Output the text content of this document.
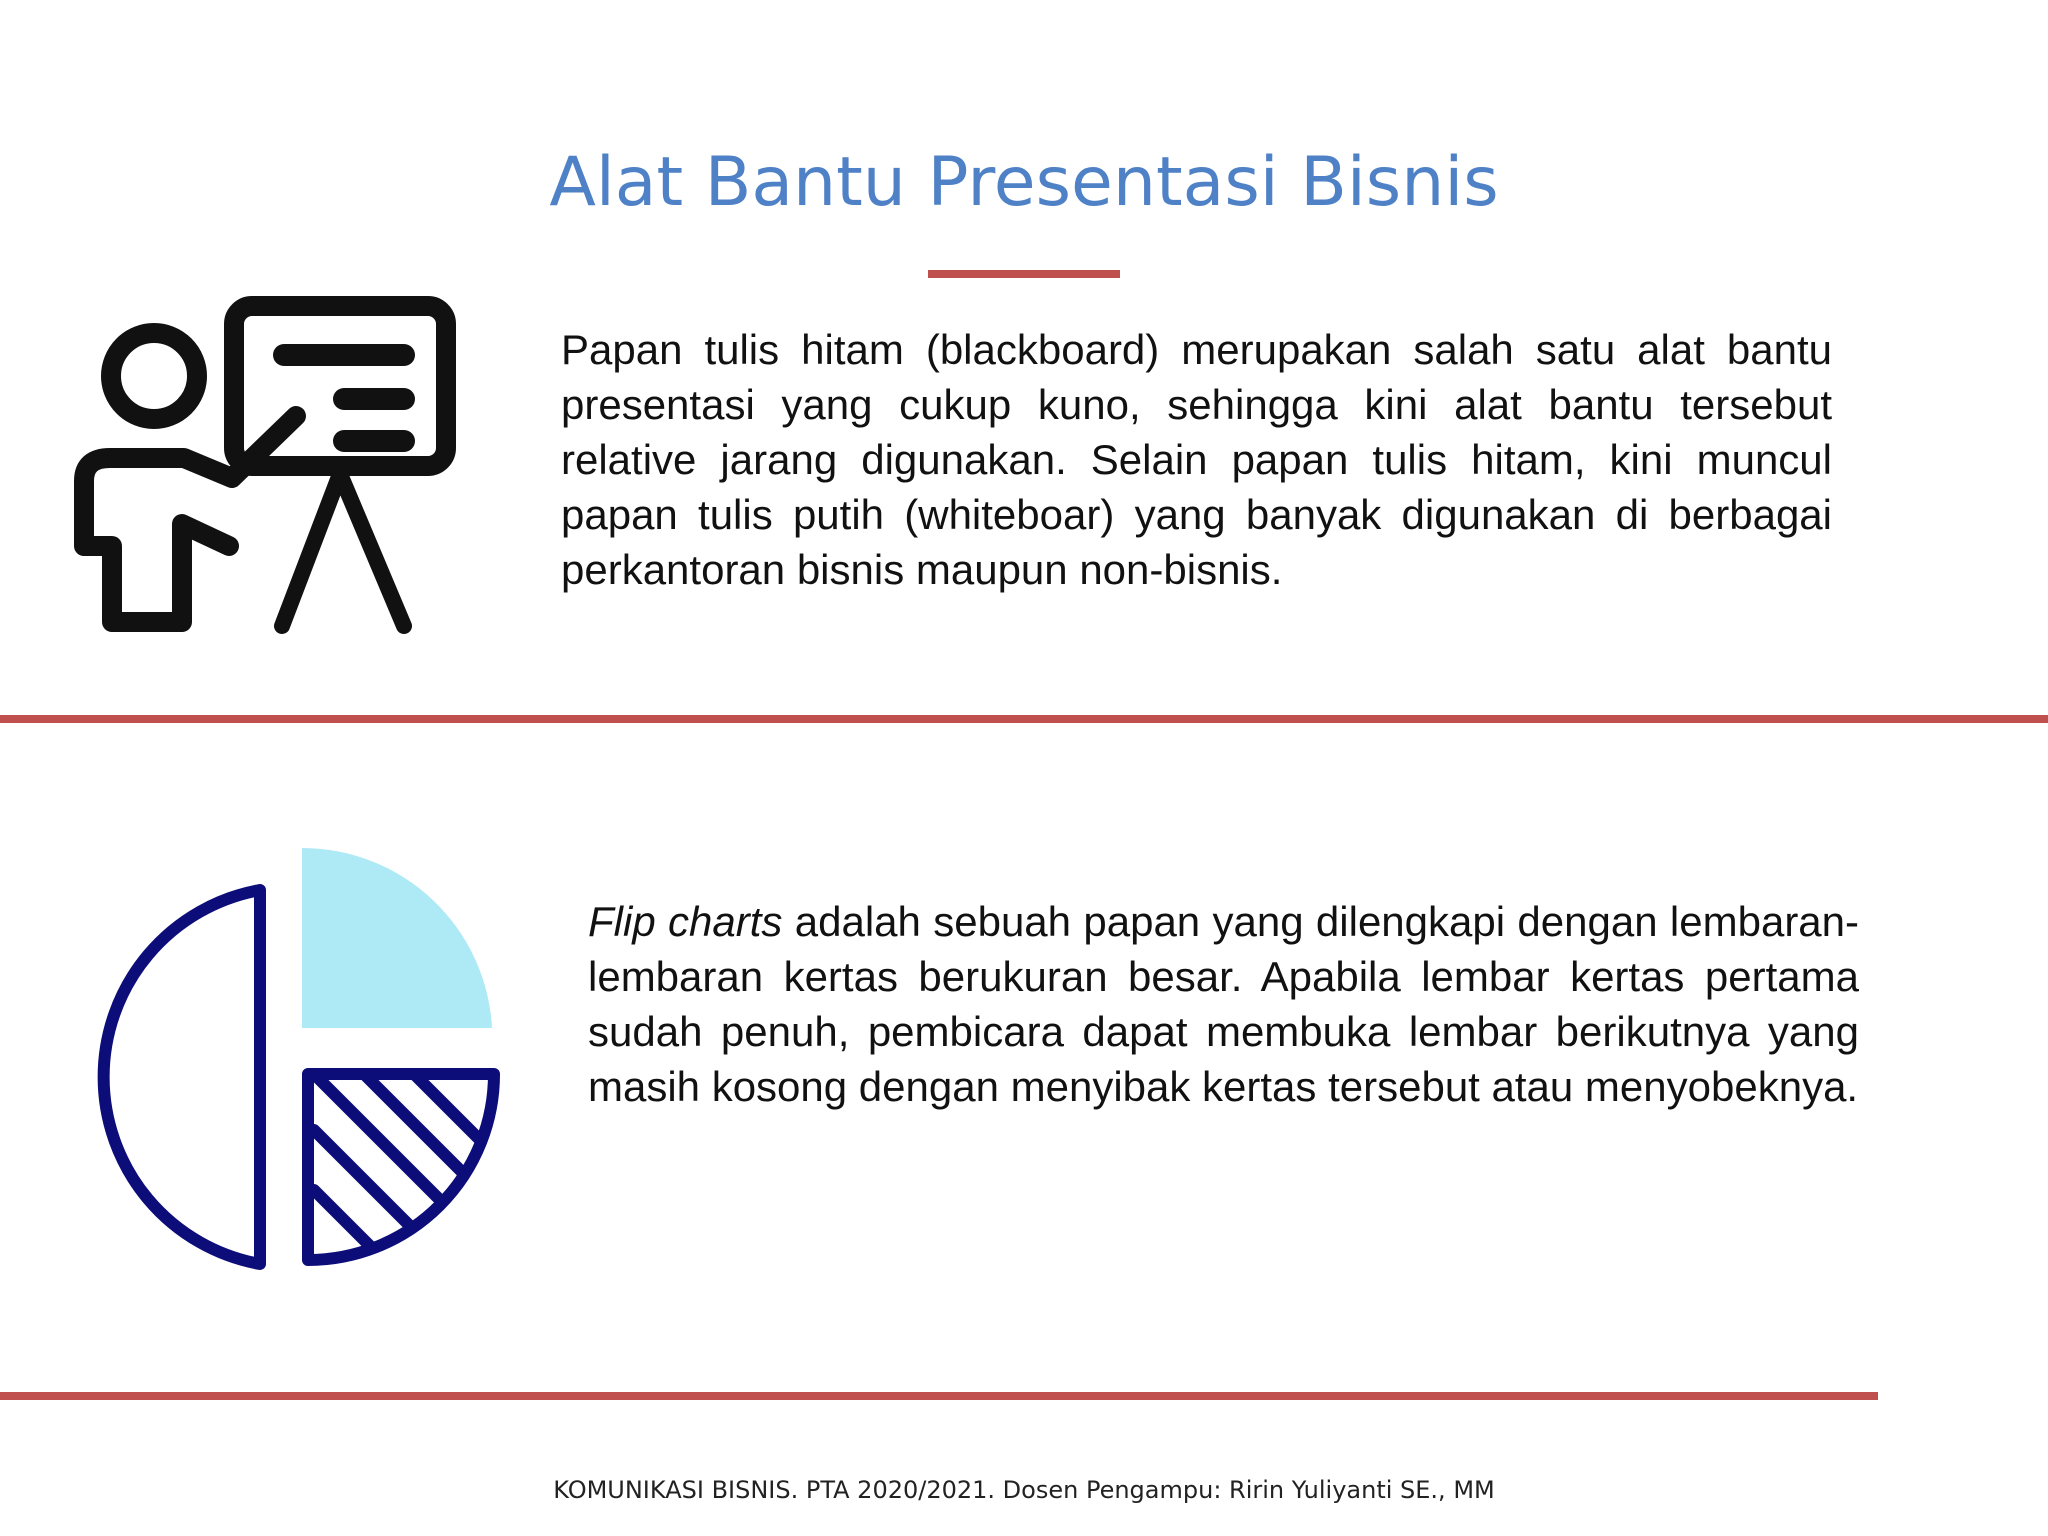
Alat Bantu Presentasi Bisnis

Papan tulis hitam (blackboard) merupakan salah satu alat bantu presentasi yang cukup kuno, sehingga kini alat bantu tersebut relative jarang digunakan. Selain papan tulis hitam, kini muncul papan tulis putih (whiteboar) yang banyak digunakan di berbagai perkantoran bisnis maupun non-bisnis.

Flip charts adalah sebuah papan yang dilengkapi dengan lembaran-lembaran kertas berukuran besar. Apabila lembar kertas pertama sudah penuh, pembicara dapat membuka lembar berikutnya yang masih kosong dengan menyibak kertas tersebut atau menyobeknya.

KOMUNIKASI BISNIS. PTA 2020/2021. Dosen Pengampu: Ririn Yuliyanti SE., MM
